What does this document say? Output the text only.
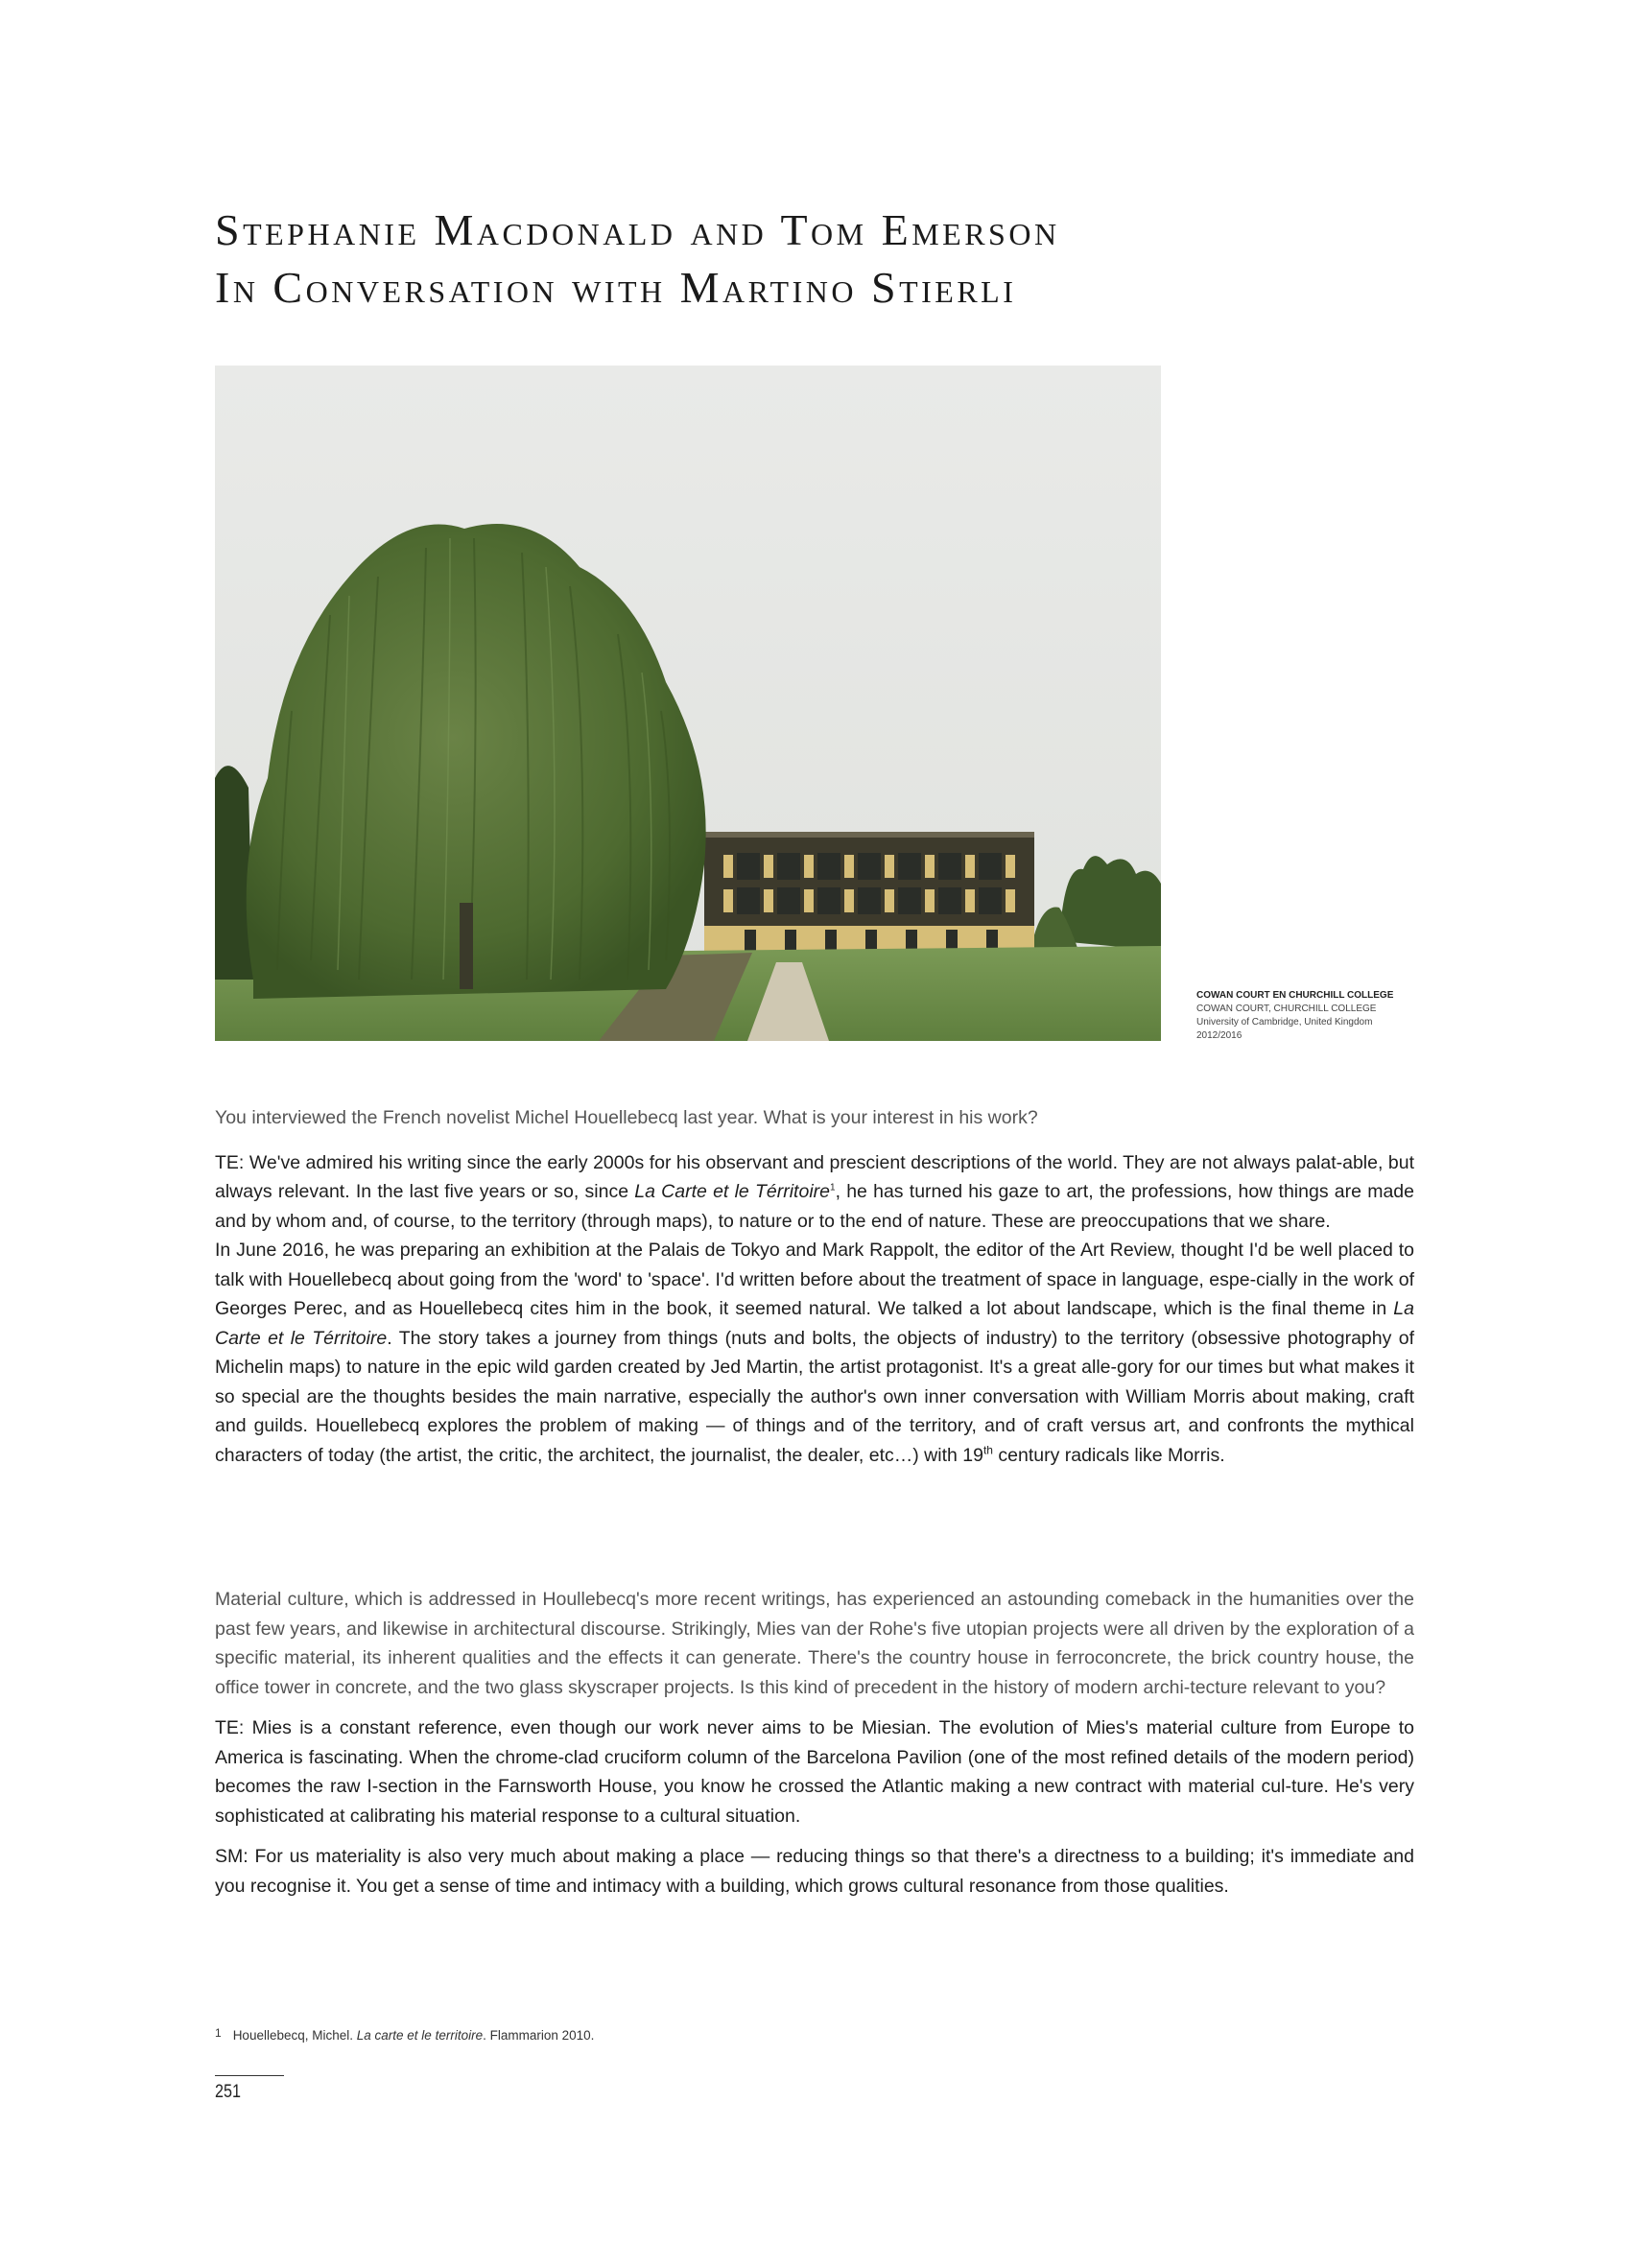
Stephanie Macdonald and Tom Emerson
In Conversation with Martino Stierli
COWAN COURT EN CHURCHILL COLLEGE
COWAN COURT, CHURCHILL COLLEGE
University of Cambridge, United Kingdom
2012/2016

You interviewed the French novelist Michel Houellebecq last year. What is your interest in his work?

TE: We've admired his writing since the early 2000s for his observant and prescient descriptions of the world. They are not always palat-able, but always relevant. In the last five years or so, since La Carte et le Térritoire$^1$, he has turned his gaze to art, the professions, how things are made and by whom and, of course, to the territory (through maps), to nature or to the end of nature. These are preoccupations that we share.

In June 2016, he was preparing an exhibition at the Palais de Tokyo and Mark Rappolt, the editor of the Art Review, thought I'd be well placed to talk with Houellebecq about going from the 'word' to 'space'. I'd written before about the treatment of space in language, espe-cially in the work of Georges Perec, and as Houellebecq cites him in the book, it seemed natural. We talked a lot about landscape, which is the final theme in La Carte et le Térritoire. The story takes a journey from things (nuts and bolts, the objects of industry) to the territory (obsessive photography of Michelin maps) to nature in the epic wild garden created by Jed Martin, the artist protagonist. It's a great alle-gory for our times but what makes it so special are the thoughts besides the main narrative, especially the author's own inner conversation with William Morris about making, craft and guilds. Houellebecq explores the problem of making — of things and of the territory, and of craft versus art, and confronts the mythical characters of today (the artist, the critic, the architect, the journalist, the dealer, etc…) with 19th century radicals like Morris.

Material culture, which is addressed in Houllebecq's more recent writings, has experienced an astounding comeback in the humanities over the past few years, and likewise in architectural discourse. Strikingly, Mies van der Rohe's five utopian projects were all driven by the exploration of a specific material, its inherent qualities and the effects it can generate. There's the country house in ferroconcrete, the brick country house, the office tower in concrete, and the two glass skyscraper projects. Is this kind of precedent in the history of modern archi-tecture relevant to you?

TE: Mies is a constant reference, even though our work never aims to be Miesian. The evolution of Mies's material culture from Europe to America is fascinating. When the chrome-clad cruciform column of the Barcelona Pavilion (one of the most refined details of the modern period) becomes the raw I-section in the Farnsworth House, you know he crossed the Atlantic making a new contract with material cul-ture. He's very sophisticated at calibrating his material response to a cultural situation.

SM: For us materiality is also very much about making a place — reducing things so that there's a directness to a building; it's immediate and you recognise it. You get a sense of time and intimacy with a building, which grows cultural resonance from those qualities.

1 Houellebecq, Michel. La carte et le territoire. Flammarion 2010.
251
